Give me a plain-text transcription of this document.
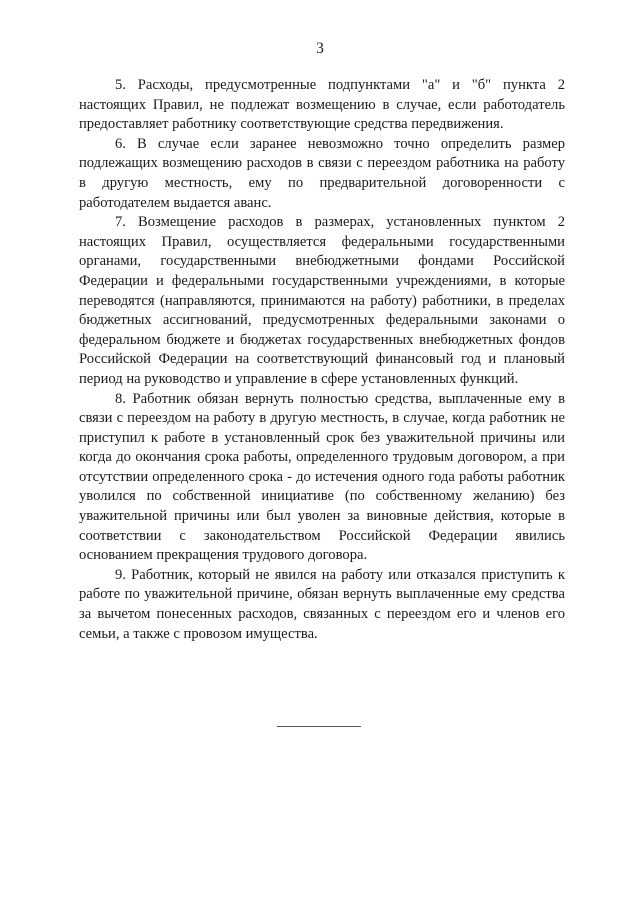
3

5. Расходы, предусмотренные подпунктами "а" и "б" пункта 2 настоящих Правил, не подлежат возмещению в случае, если работодатель предоставляет работнику соответствующие средства передвижения.

6. В случае если заранее невозможно точно определить размер подлежащих возмещению расходов в связи с переездом работника на работу в другую местность, ему по предварительной договоренности с работодателем выдается аванс.

7. Возмещение расходов в размерах, установленных пунктом 2 настоящих Правил, осуществляется федеральными государственными органами, государственными внебюджетными фондами Российской Федерации и федеральными государственными учреждениями, в которые переводятся (направляются, принимаются на работу) работники, в пределах бюджетных ассигнований, предусмотренных федеральными законами о федеральном бюджете и бюджетах государственных внебюджетных фондов Российской Федерации на соответствующий финансовый год и плановый период на руководство и управление в сфере установленных функций.

8. Работник обязан вернуть полностью средства, выплаченные ему в связи с переездом на работу в другую местность, в случае, когда работник не приступил к работе в установленный срок без уважительной причины или когда до окончания срока работы, определенного трудовым договором, а при отсутствии определенного срока - до истечения одного года работы работник уволился по собственной инициативе (по собственному желанию) без уважительной причины или был уволен за виновные действия, которые в соответствии с законодательством Российской Федерации явились основанием прекращения трудового договора.

9. Работник, который не явился на работу или отказался приступить к работе по уважительной причине, обязан вернуть выплаченные ему средства за вычетом понесенных расходов, связанных с переездом его и членов его семьи, а также с провозом имущества.
